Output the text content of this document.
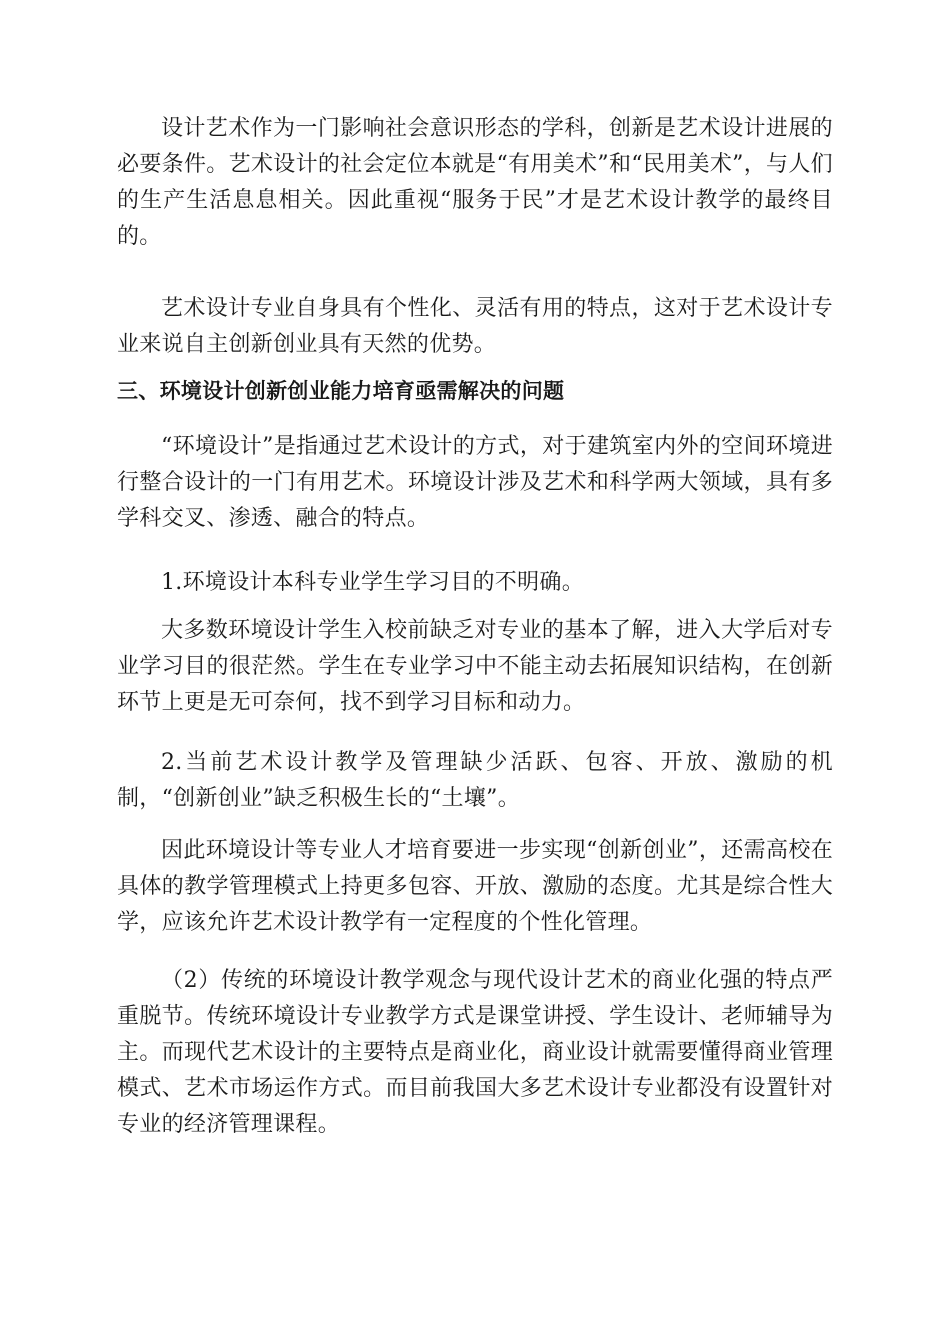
设计艺术作为一门影响社会意识形态的学科，创新是艺术设计进展的必要条件。艺术设计的社会定位本就是“有用美术”和“民用美术”，与人们的生产生活息息相关。因此重视“服务于民”才是艺术设计教学的最终目的。

艺术设计专业自身具有个性化、灵活有用的特点，这对于艺术设计专业来说自主创新创业具有天然的优势。

三、环境设计创新创业能力培育亟需解决的问题

“环境设计”是指通过艺术设计的方式，对于建筑室内外的空间环境进行整合设计的一门有用艺术。环境设计涉及艺术和科学两大领域，具有多学科交叉、渗透、融合的特点。

1.环境设计本科专业学生学习目的不明确。

大多数环境设计学生入校前缺乏对专业的基本了解，进入大学后对专业学习目的很茫然。学生在专业学习中不能主动去拓展知识结构，在创新环节上更是无可奈何，找不到学习目标和动力。

2.当前艺术设计教学及管理缺少活跃、包容、开放、激励的机制，“创新创业”缺乏积极生长的“土壤”。

因此环境设计等专业人才培育要进一步实现“创新创业”，还需高校在具体的教学管理模式上持更多包容、开放、激励的态度。尤其是综合性大学，应该允许艺术设计教学有一定程度的个性化管理。

（2）传统的环境设计教学观念与现代设计艺术的商业化强的特点严重脱节。传统环境设计专业教学方式是课堂讲授、学生设计、老师辅导为主。而现代艺术设计的主要特点是商业化，商业设计就需要懂得商业管理模式、艺术市场运作方式。而目前我国大多艺术设计专业都没有设置针对专业的经济管理课程。
